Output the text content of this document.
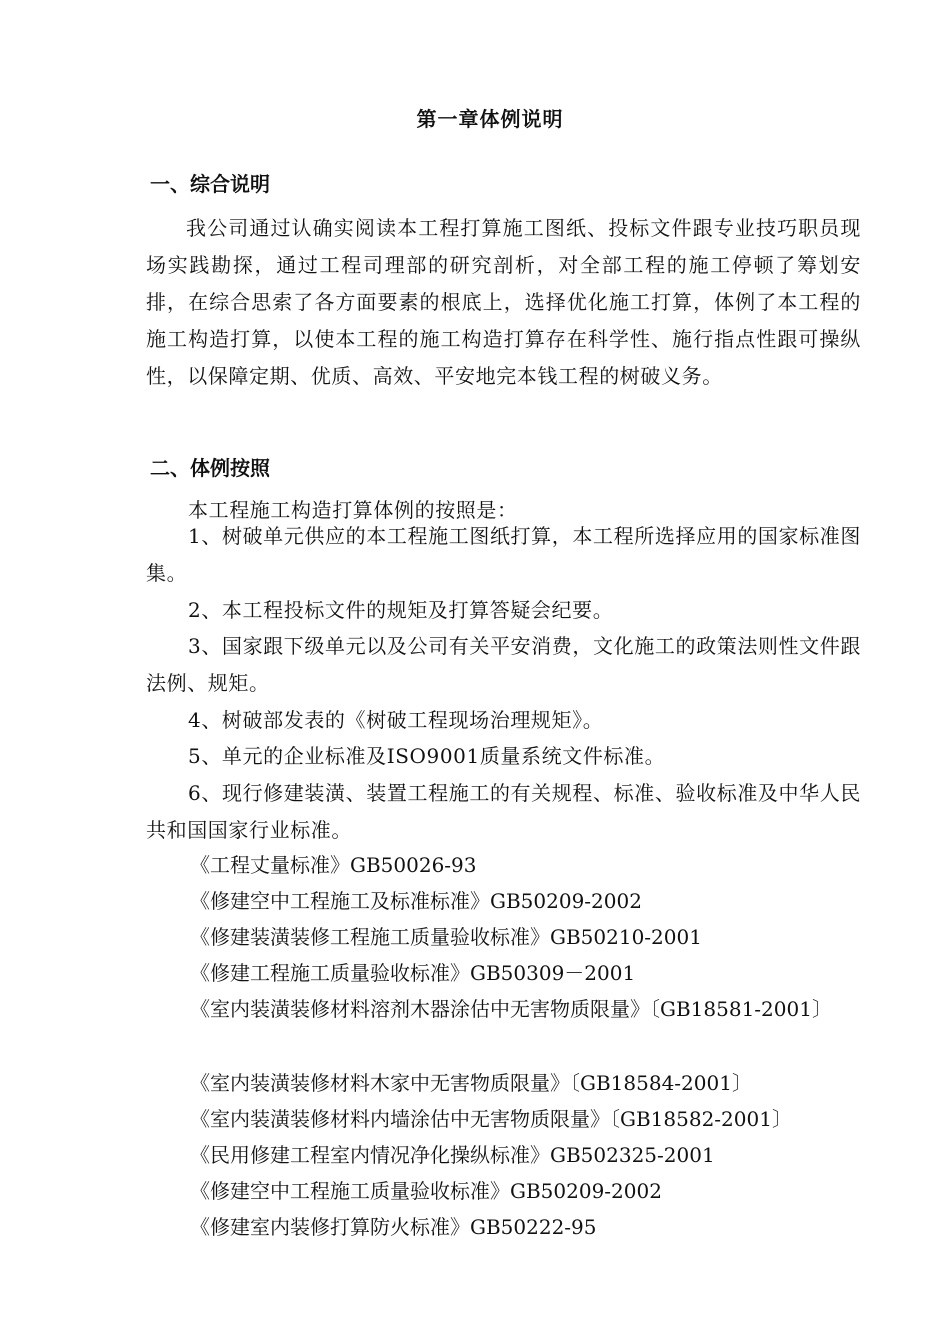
第一章体例说明
一、综合说明
我公司通过认确实阅读本工程打算施工图纸、投标文件跟专业技巧职员现场实践勘探，通过工程司理部的研究剖析，对全部工程的施工停顿了筹划安排，在综合思索了各方面要素的根底上，选择优化施工打算，体例了本工程的施工构造打算，以使本工程的施工构造打算存在科学性、施行指点性跟可操纵性，以保障定期、优质、高效、平安地完本钱工程的树破义务。
二、体例按照
本工程施工构造打算体例的按照是：
1、树破单元供应的本工程施工图纸打算，本工程所选择应用的国家标准图集。
2、本工程投标文件的规矩及打算答疑会纪要。
3、国家跟下级单元以及公司有关平安消费，文化施工的政策法则性文件跟法例、规矩。
4、树破部发表的《树破工程现场治理规矩》。
5、单元的企业标准及ISO9001质量系统文件标准。
6、现行修建装潢、装置工程施工的有关规程、标准、验收标准及中华人民共和国国家行业标准。
《工程丈量标准》GB50026-93
《修建空中工程施工及标准标准》GB50209-2002
《修建装潢装修工程施工质量验收标准》GB50210-2001
《修建工程施工质量验收标准》GB50309－2001
《室内装潢装修材料溶剂木器涂估中无害物质限量》〔GB18581-2001〕
《室内装潢装修材料木家中无害物质限量》〔GB18584-2001〕
《室内装潢装修材料内墙涂估中无害物质限量》〔GB18582-2001〕
《民用修建工程室内情况净化操纵标准》GB502325-2001
《修建空中工程施工质量验收标准》GB50209-2002
《修建室内装修打算防火标准》GB50222-95
